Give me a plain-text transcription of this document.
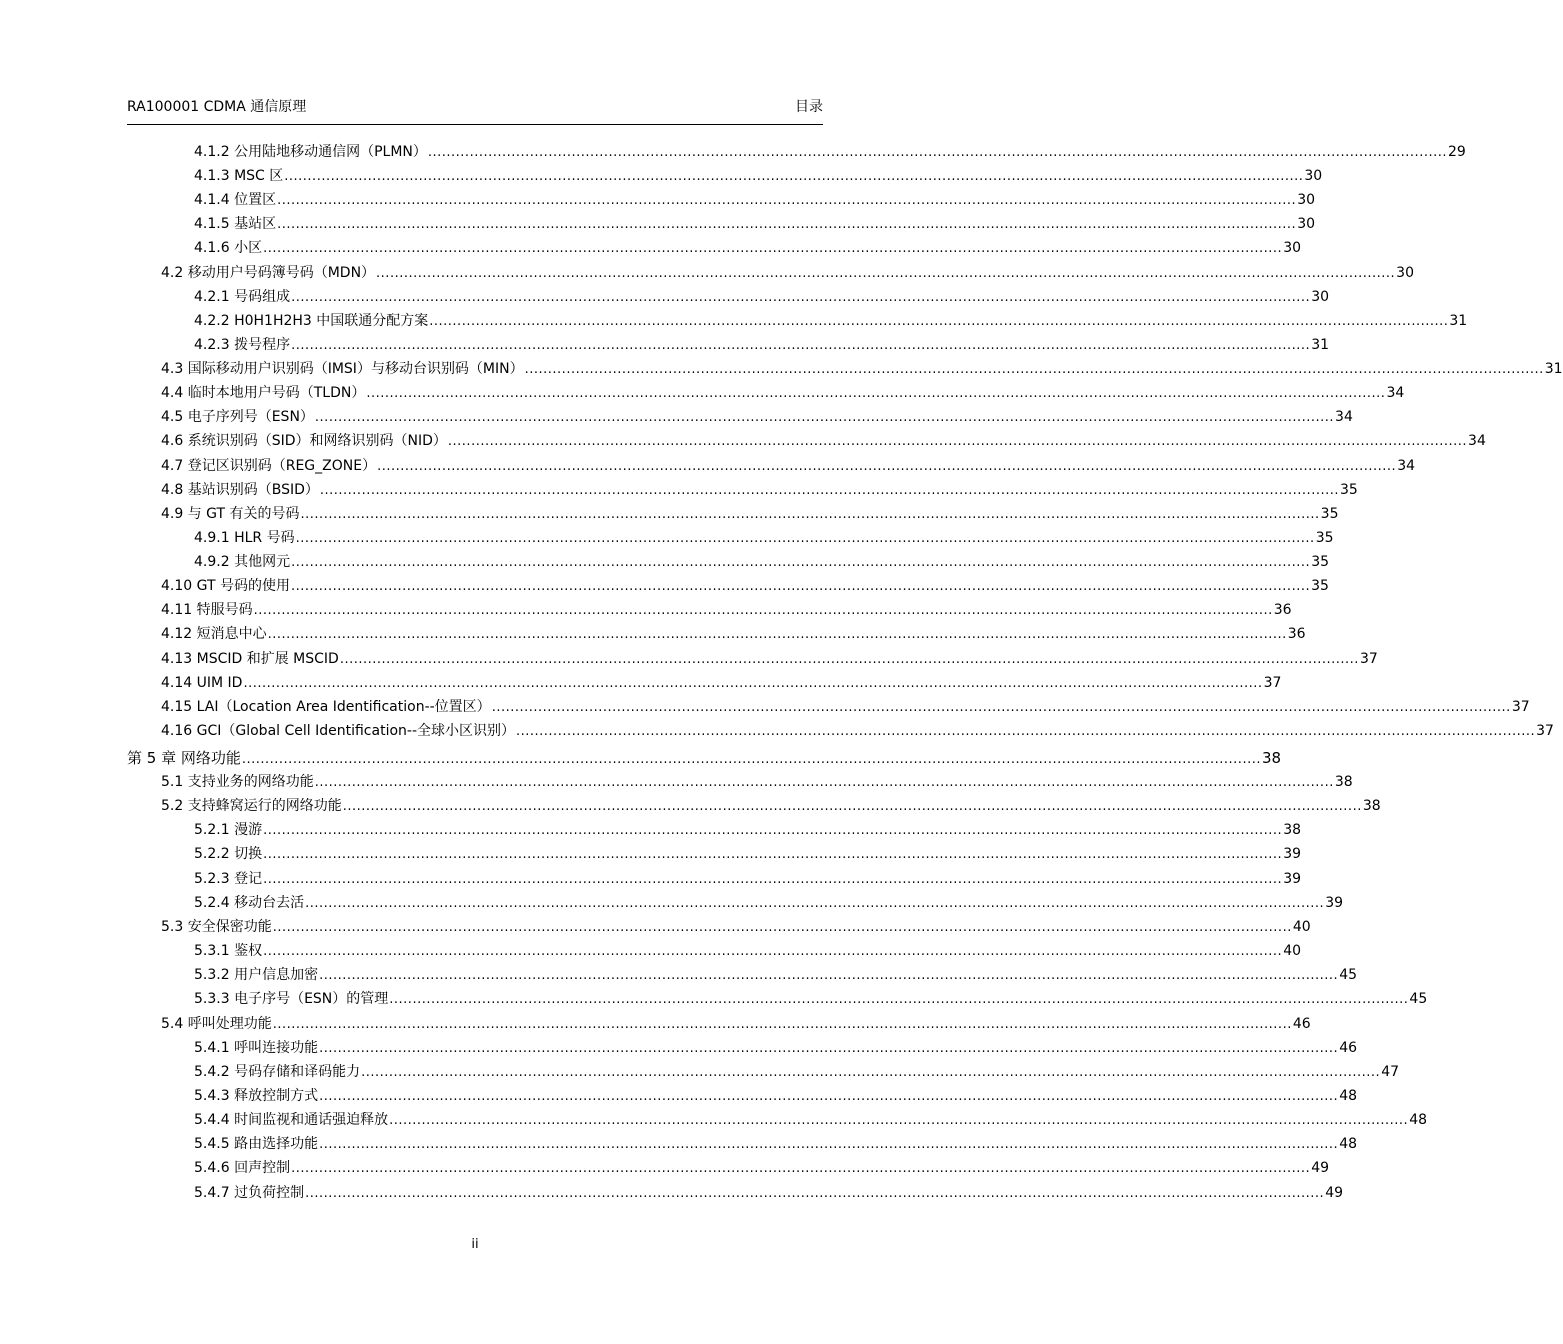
RA100001 CDMA 通信原理	目录
4.1.2 公用陆地移动通信网（PLMN） ............................................................................................................................................................................................................................ 29
4.1.3 MSC 区 ............................................................................................................................................................................................................................ 30
4.1.4 位置区 ............................................................................................................................................................................................................................ 30
4.1.5 基站区 ............................................................................................................................................................................................................................ 30
4.1.6 小区 ............................................................................................................................................................................................................................ 30
4.2 移动用户号码簿号码（MDN） ............................................................................................................................................................................................................................ 30
4.2.1 号码组成 ............................................................................................................................................................................................................................ 30
4.2.2 H0H1H2H3 中国联通分配方案 ............................................................................................................................................................................................................................ 31
4.2.3 拨号程序 ............................................................................................................................................................................................................................ 31
4.3 国际移动用户识别码（IMSI）与移动台识别码（MIN） ............................................................................................................................................................................................................................ 31
4.4 临时本地用户号码（TLDN） ............................................................................................................................................................................................................................ 34
4.5 电子序列号（ESN） ............................................................................................................................................................................................................................ 34
4.6 系统识别码（SID）和网络识别码（NID） ............................................................................................................................................................................................................................ 34
4.7 登记区识别码（REG_ZONE） ............................................................................................................................................................................................................................ 34
4.8 基站识别码（BSID） ............................................................................................................................................................................................................................ 35
4.9 与 GT 有关的号码 ............................................................................................................................................................................................................................ 35
4.9.1 HLR 号码 ............................................................................................................................................................................................................................ 35
4.9.2 其他网元 ............................................................................................................................................................................................................................ 35
4.10 GT 号码的使用 ............................................................................................................................................................................................................................ 35
4.11 特服号码 ............................................................................................................................................................................................................................ 36
4.12 短消息中心 ............................................................................................................................................................................................................................ 36
4.13 MSCID 和扩展 MSCID ............................................................................................................................................................................................................................ 37
4.14 UIM ID ............................................................................................................................................................................................................................ 37
4.15 LAI（Location Area Identification--位置区） ............................................................................................................................................................................................................................ 37
4.16 GCI（Global Cell Identification--全球小区识别） ............................................................................................................................................................................................................................ 37
第 5 章 网络功能 ............................................................................................................................................................................................................................ 38
5.1 支持业务的网络功能 ............................................................................................................................................................................................................................ 38
5.2 支持蜂窝运行的网络功能 ............................................................................................................................................................................................................................ 38
5.2.1 漫游 ............................................................................................................................................................................................................................ 38
5.2.2 切换 ............................................................................................................................................................................................................................ 39
5.2.3 登记 ............................................................................................................................................................................................................................ 39
5.2.4 移动台去活 ............................................................................................................................................................................................................................ 39
5.3 安全保密功能 ............................................................................................................................................................................................................................ 40
5.3.1 鉴权 ............................................................................................................................................................................................................................ 40
5.3.2 用户信息加密 ............................................................................................................................................................................................................................ 45
5.3.3 电子序号（ESN）的管理 ............................................................................................................................................................................................................................ 45
5.4 呼叫处理功能 ............................................................................................................................................................................................................................ 46
5.4.1 呼叫连接功能 ............................................................................................................................................................................................................................ 46
5.4.2 号码存储和译码能力 ............................................................................................................................................................................................................................ 47
5.4.3 释放控制方式 ............................................................................................................................................................................................................................ 48
5.4.4 时间监视和通话强迫释放 ............................................................................................................................................................................................................................ 48
5.4.5 路由选择功能 ............................................................................................................................................................................................................................ 48
5.4.6 回声控制 ............................................................................................................................................................................................................................ 49
5.4.7 过负荷控制 ............................................................................................................................................................................................................................ 49
ii
